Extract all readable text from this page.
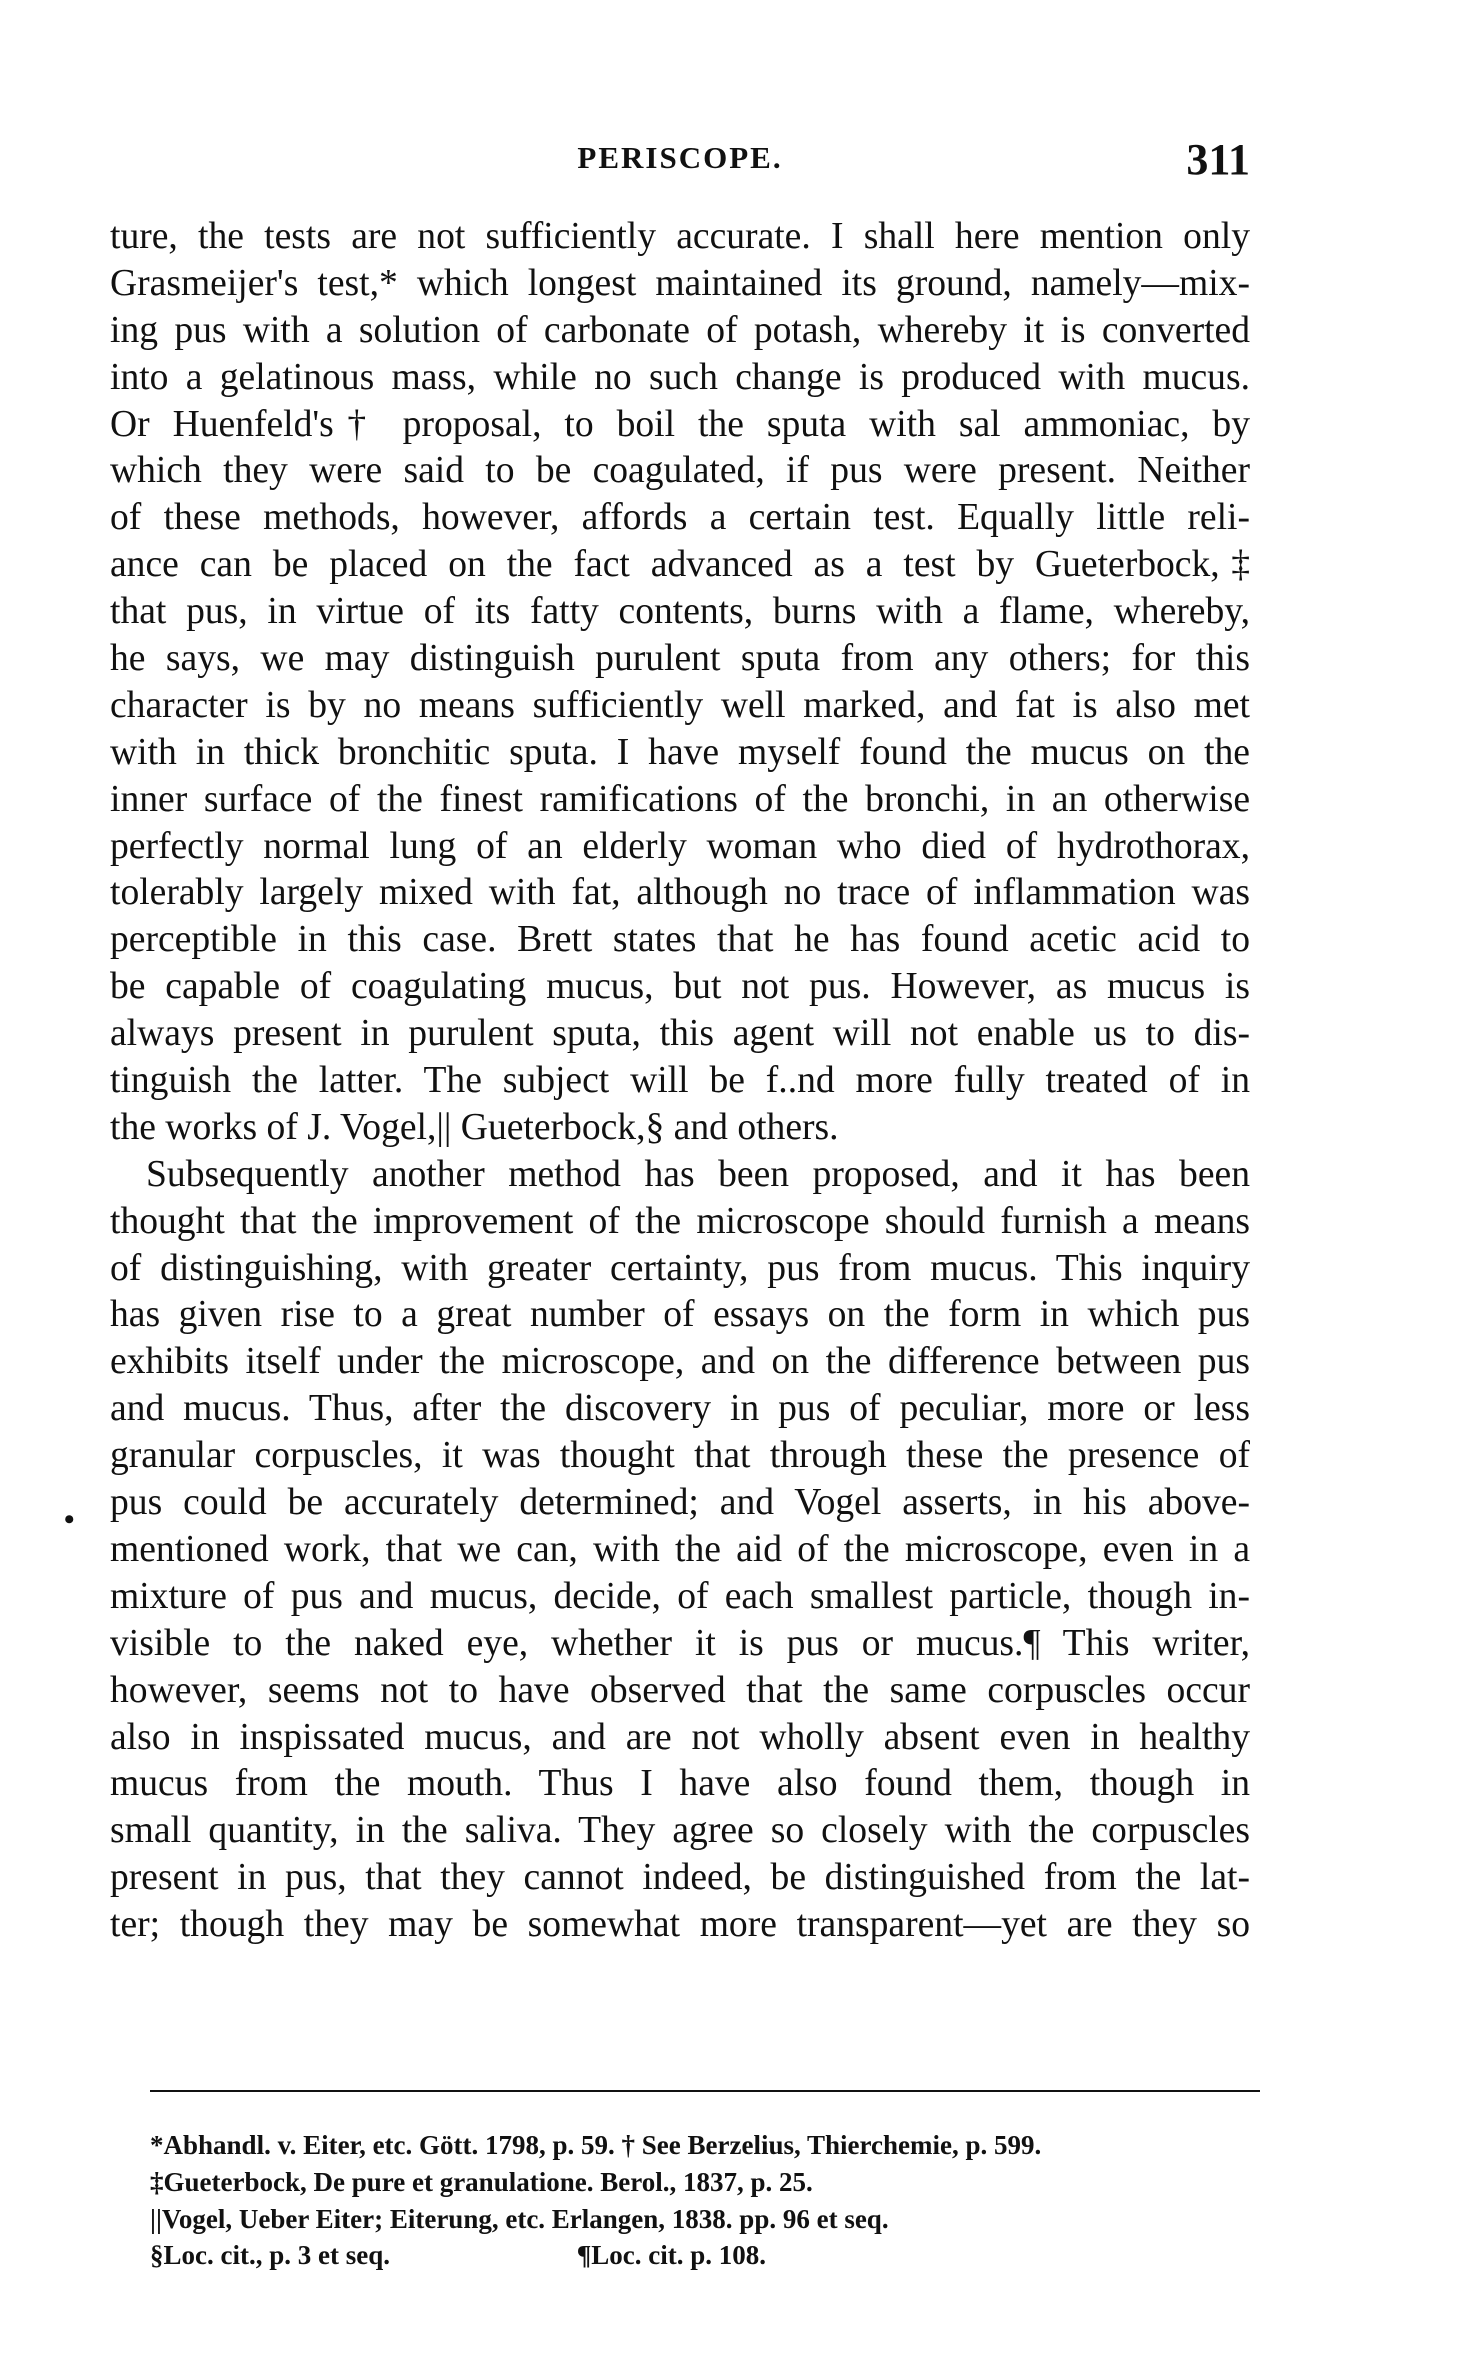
PERISCOPE.	311
ture, the tests are not sufficiently accurate. I shall here mention only
Grasmeijer's test,* which longest maintained its ground, namely—mix-
ing pus with a solution of carbonate of potash, whereby it is converted
into a gelatinous mass, while no such change is produced with mucus.
Or Huenfeld's† proposal, to boil the sputa with sal ammoniac, by
which they were said to be coagulated, if pus were present. Neither
of these methods, however, affords a certain test. Equally little reli-
ance can be placed on the fact advanced as a test by Gueterbock,‡
that pus, in virtue of its fatty contents, burns with a flame, whereby,
he says, we may distinguish purulent sputa from any others; for this
character is by no means sufficiently well marked, and fat is also met
with in thick bronchitic sputa. I have myself found the mucus on the
inner surface of the finest ramifications of the bronchi, in an otherwise
perfectly normal lung of an elderly woman who died of hydrothorax,
tolerably largely mixed with fat, although no trace of inflammation was
perceptible in this case. Brett states that he has found acetic acid to
be capable of coagulating mucus, but not pus. However, as mucus is
always present in purulent sputa, this agent will not enable us to dis-
tinguish the latter. The subject will be f..nd more fully treated of in
the works of J. Vogel,|| Gueterbock,§ and others.
Subsequently another method has been proposed, and it has been
thought that the improvement of the microscope should furnish a means
of distinguishing, with greater certainty, pus from mucus. This inquiry
has given rise to a great number of essays on the form in which pus
exhibits itself under the microscope, and on the difference between pus
and mucus. Thus, after the discovery in pus of peculiar, more or less
granular corpuscles, it was thought that through these the presence of
pus could be accurately determined; and Vogel asserts, in his above-
mentioned work, that we can, with the aid of the microscope, even in a
mixture of pus and mucus, decide, of each smallest particle, though in-
visible to the naked eye, whether it is pus or mucus.¶ This writer,
however, seems not to have observed that the same corpuscles occur
also in inspissated mucus, and are not wholly absent even in healthy
mucus from the mouth. Thus I have also found them, though in
small quantity, in the saliva. They agree so closely with the corpuscles
present in pus, that they cannot indeed, be distinguished from the lat-
ter; though they may be somewhat more transparent—yet are they so
•
*Abhandl. v. Eiter, etc. Gött. 1798, p. 59. † See Berzelius, Thierchemie, p. 599.
‡Gueterbock, De pure et granulatione. Berol., 1837, p. 25.
||Vogel, Ueber Eiter; Eiterung, etc. Erlangen, 1838. pp. 96 et seq.
§Loc. cit., p. 3 et seq.	¶Loc. cit. p. 108.
